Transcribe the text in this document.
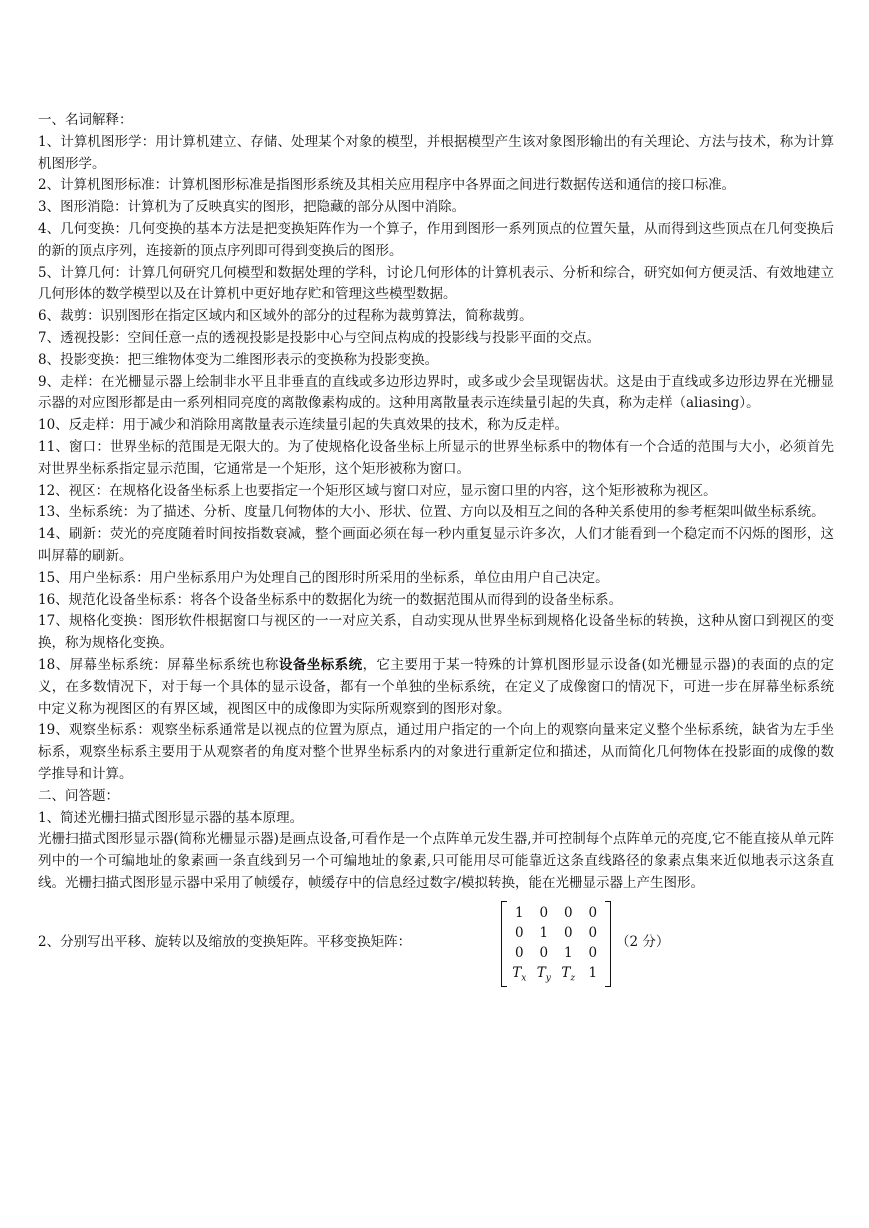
一、名词解释：

1、计算机图形学：用计算机建立、存储、处理某个对象的模型，并根据模型产生该对象图形输出的有关理论、方法与技术，称为计算机图形学。

2、计算机图形标准：计算机图形标准是指图形系统及其相关应用程序中各界面之间进行数据传送和通信的接口标准。

3、图形消隐：计算机为了反映真实的图形，把隐藏的部分从图中消除。

4、几何变换：几何变换的基本方法是把变换矩阵作为一个算子，作用到图形一系列顶点的位置矢量，从而得到这些顶点在几何变换后的新的顶点序列，连接新的顶点序列即可得到变换后的图形。

5、计算几何：计算几何研究几何模型和数据处理的学科，讨论几何形体的计算机表示、分析和综合，研究如何方便灵活、有效地建立几何形体的数学模型以及在计算机中更好地存贮和管理这些模型数据。

6、裁剪：识别图形在指定区域内和区域外的部分的过程称为裁剪算法，简称裁剪。

7、透视投影：空间任意一点的透视投影是投影中心与空间点构成的投影线与投影平面的交点。

8、投影变换：把三维物体变为二维图形表示的变换称为投影变换。

9、走样：在光栅显示器上绘制非水平且非垂直的直线或多边形边界时，或多或少会呈现锯齿状。这是由于直线或多边形边界在光栅显示器的对应图形都是由一系列相同亮度的离散像素构成的。这种用离散量表示连续量引起的失真，称为走样（aliasing）。

10、反走样：用于减少和消除用离散量表示连续量引起的失真效果的技术，称为反走样。

11、窗口：世界坐标的范围是无限大的。为了使规格化设备坐标上所显示的世界坐标系中的物体有一个合适的范围与大小，必须首先对世界坐标系指定显示范围，它通常是一个矩形，这个矩形被称为窗口。

12、视区：在规格化设备坐标系上也要指定一个矩形区域与窗口对应，显示窗口里的内容，这个矩形被称为视区。

13、坐标系统：为了描述、分析、度量几何物体的大小、形状、位置、方向以及相互之间的各种关系使用的参考框架叫做坐标系统。

14、刷新：荧光的亮度随着时间按指数衰减，整个画面必须在每一秒内重复显示许多次，人们才能看到一个稳定而不闪烁的图形，这叫屏幕的刷新。

15、用户坐标系：用户坐标系用户为处理自己的图形时所采用的坐标系，单位由用户自己决定。

16、规范化设备坐标系：将各个设备坐标系中的数据化为统一的数据范围从而得到的设备坐标系。

17、规格化变换：图形软件根据窗口与视区的一一对应关系，自动实现从世界坐标到规格化设备坐标的转换，这种从窗口到视区的变换，称为规格化变换。

18、屏幕坐标系统：屏幕坐标系统也称设备坐标系统，它主要用于某一特殊的计算机图形显示设备(如光栅显示器)的表面的点的定义，在多数情况下，对于每一个具体的显示设备，都有一个单独的坐标系统，在定义了成像窗口的情况下，可进一步在屏幕坐标系统中定义称为视图区的有界区域，视图区中的成像即为实际所观察到的图形对象。

19、观察坐标系：观察坐标系通常是以视点的位置为原点，通过用户指定的一个向上的观察向量来定义整个坐标系统，缺省为左手坐标系，观察坐标系主要用于从观察者的角度对整个世界坐标系内的对象进行重新定位和描述，从而简化几何物体在投影面的成像的数学推导和计算。

二、问答题：

1、简述光栅扫描式图形显示器的基本原理。

光栅扫描式图形显示器(简称光栅显示器)是画点设备,可看作是一个点阵单元发生器,并可控制每个点阵单元的亮度,它不能直接从单元阵列中的一个可编地址的象素画一条直线到另一个可编地址的象素,只可能用尽可能靠近这条直线路径的象素点集来近似地表示这条直线。光栅扫描式图形显示器中采用了帧缓存，帧缓存中的信息经过数字/模拟转换，能在光栅显示器上产生图形。

2、分别写出平移、旋转以及缩放的变换矩阵。平移变换矩阵：
1	0	0	0
0	1	0	0
0	0	1	0
$T_x$ $T_y$ $T_z$ 1
（2 分）
